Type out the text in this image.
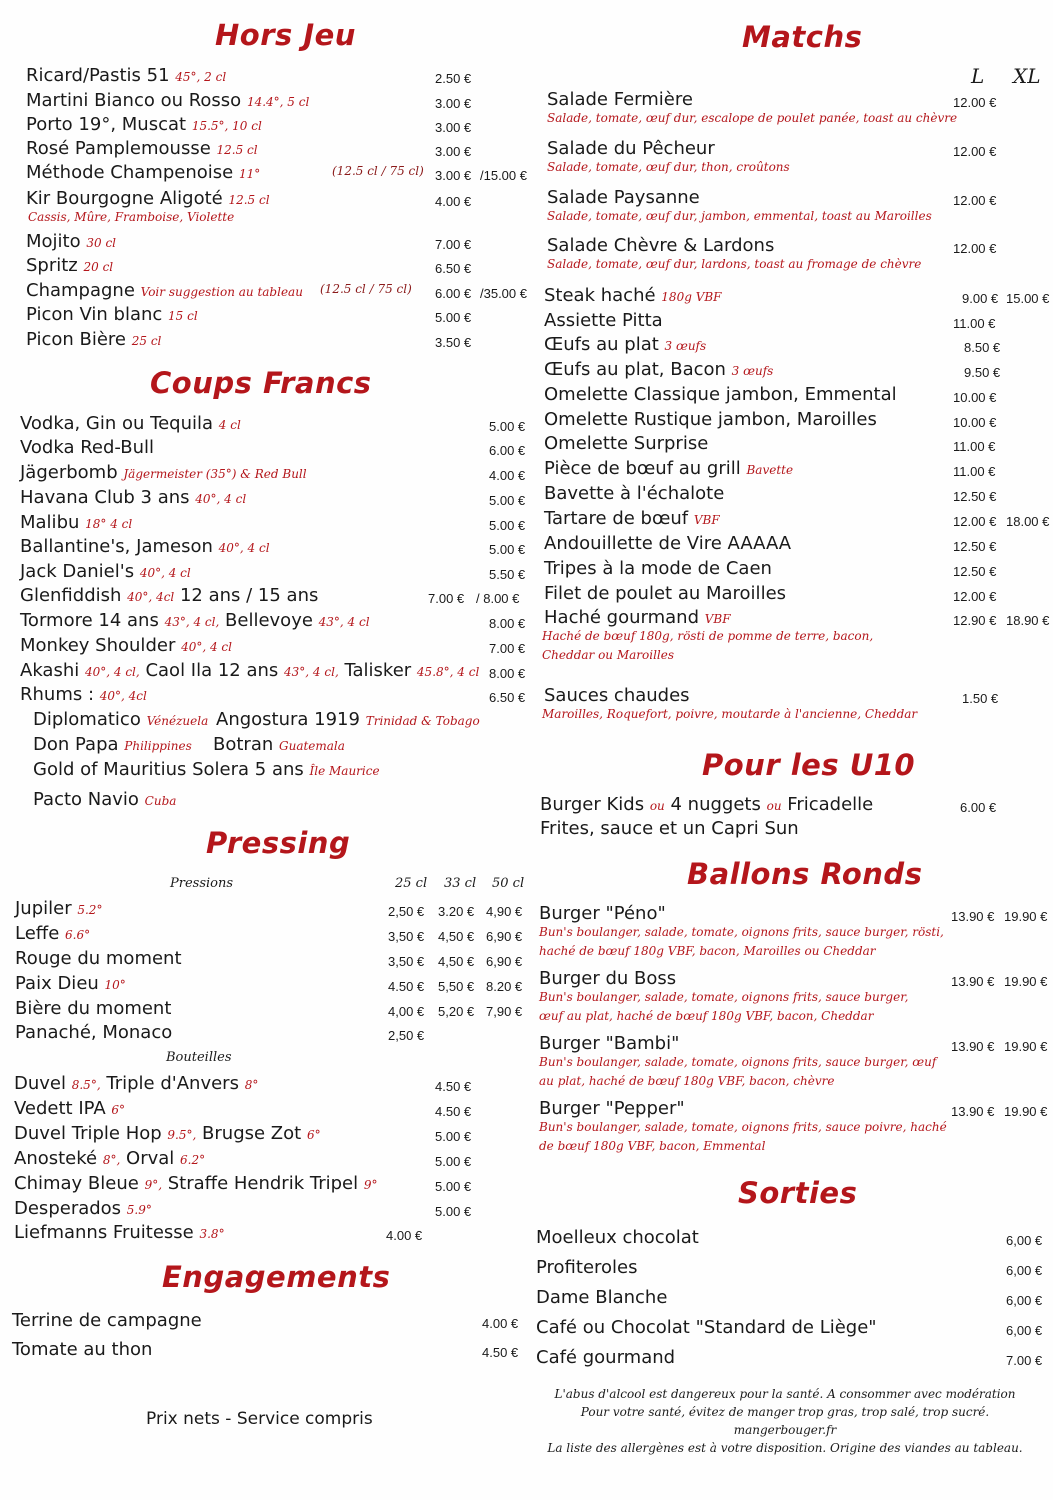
Hors Jeu
Ricard/Pastis 51 45°, 2 cl	2.50 €
Martini Bianco ou Rosso 14.4°, 5 cl	3.00 €
Porto 19°, Muscat 15.5°, 10 cl	3.00 €
Rosé Pamplemousse 12.5 cl	3.00 €
Méthode Champenoise 11°	3.00 € /15.00 €
(12.5 cl / 75 cl)
Kir Bourgogne Aligoté 12.5 cl	4.00 €
Cassis, Mûre, Framboise, Violette
Mojito 30 cl	7.00 €
Spritz 20 cl	6.50 €
Champagne Voir suggestion au tableau	6.00 € /35.00 €
(12.5 cl / 75 cl)
Picon Vin blanc 15 cl	5.00 €
Picon Bière 25 cl	3.50 €
Coups Francs
Vodka, Gin ou Tequila 4 cl	5.00 €
Vodka Red-Bull	6.00 €
Jägerbomb Jägermeister (35°) & Red Bull	4.00 €
Havana Club 3 ans 40°, 4 cl	5.00 €
Malibu 18° 4 cl	5.00 €
Ballantine's, Jameson 40°, 4 cl	5.00 €
Jack Daniel's 40°, 4 cl	5.50 €
Glenfiddish 40°, 4cl 12 ans / 15 ans	7.00 € / 8.00 €
Tormore 14 ans 43°, 4 cl, Bellevoye 43°, 4 cl	8.00 €
Monkey Shoulder 40°, 4 cl	7.00 €
Akashi 40°, 4 cl, Caol Ila 12 ans 43°, 4 cl, Talisker 45.8°, 4 cl 8.00 €
Rhums : 40°, 4cl	6.50 €
Diplomatico Vénézuela Angostura 1919 Trinidad & Tobago
Don Papa Philippines Botran Guatemala
Gold of Mauritius Solera 5 ans Île Maurice
Pacto Navio Cuba
Pressing
Pressions	25 cl 33 cl 50 cl
Jupiler 5.2°	2,50 € 3.20 € 4,90 €
Leffe 6.6°	3,50 € 4,50 € 6,90 €
Rouge du moment	3,50 € 4,50 € 6,90 €
Paix Dieu 10°	4.50 € 5,50 € 8.20 €
Bière du moment	4,00 € 5,20 € 7,90 €
Panaché, Monaco	2,50 €
Bouteilles
Duvel 8.5°, Triple d'Anvers 8°	4.50 €
Vedett IPA 6°	4.50 €
Duvel Triple Hop 9.5°, Brugse Zot 6°	5.00 €
Anosteké 8°, Orval 6.2°	5.00 €
Chimay Bleue 9°, Straffe Hendrik Tripel 9°	5.00 €
Desperados 5.9°	5.00 €
Liefmanns Fruitesse 3.8°	4.00 €
Engagements
Terrine de campagne	4.00 €
Tomate au thon	4.50 €
Prix nets - Service compris
Matchs
L XL
Salade Fermière	12.00 €
Salade, tomate, œuf dur, escalope de poulet panée, toast au chèvre
Salade du Pêcheur	12.00 €
Salade, tomate, œuf dur, thon, croûtons
Salade Paysanne	12.00 €
Salade, tomate, œuf dur, jambon, emmental, toast au Maroilles
Salade Chèvre & Lardons	12.00 €
Salade, tomate, œuf dur, lardons, toast au fromage de chèvre
Steak haché 180g VBF	9.00 € 15.00 €
Assiette Pitta	11.00 €
Œufs au plat 3 œufs	8.50 €
Œufs au plat, Bacon 3 œufs	9.50 €
Omelette Classique jambon, Emmental	10.00 €
Omelette Rustique jambon, Maroilles	10.00 €
Omelette Surprise	11.00 €
Pièce de bœuf au grill Bavette	11.00 €
Bavette à l'échalote	12.50 €
Tartare de bœuf VBF	12.00 € 18.00 €
Andouillette de Vire AAAAA	12.50 €
Tripes à la mode de Caen	12.50 €
Filet de poulet au Maroilles	12.00 €
Haché gourmand VBF	12.90 € 18.90 €
Haché de bœuf 180g, rösti de pomme de terre, bacon,
Cheddar ou Maroilles
Sauces chaudes	1.50 €
Maroilles, Roquefort, poivre, moutarde à l'ancienne, Cheddar
Pour les U10
Burger Kids ou 4 nuggets ou Fricadelle	6.00 €
Frites, sauce et un Capri Sun
Ballons Ronds
Burger "Péno"	13.90 € 19.90 €
Bun's boulanger, salade, tomate, oignons frits, sauce burger, rösti,
haché de bœuf 180g VBF, bacon, Maroilles ou Cheddar
Burger du Boss	13.90 € 19.90 €
Bun's boulanger, salade, tomate, oignons frits, sauce burger,
œuf au plat, haché de bœuf 180g VBF, bacon, Cheddar
Burger "Bambi"	13.90 € 19.90 €
Bun's boulanger, salade, tomate, oignons frits, sauce burger, œuf
au plat, haché de bœuf 180g VBF, bacon, chèvre
Burger "Pepper"	13.90 € 19.90 €
Bun's boulanger, salade, tomate, oignons frits, sauce poivre, haché
de bœuf 180g VBF, bacon, Emmental
Sorties
Moelleux chocolat	6,00 €
Profiteroles	6,00 €
Dame Blanche	6,00 €
Café ou Chocolat "Standard de Liège"	6,00 €
Café gourmand	7.00 €
L'abus d'alcool est dangereux pour la santé. A consommer avec modération
Pour votre santé, évitez de manger trop gras, trop salé, trop sucré. mangerbouger.fr
La liste des allergènes est à votre disposition. Origine des viandes au tableau.
